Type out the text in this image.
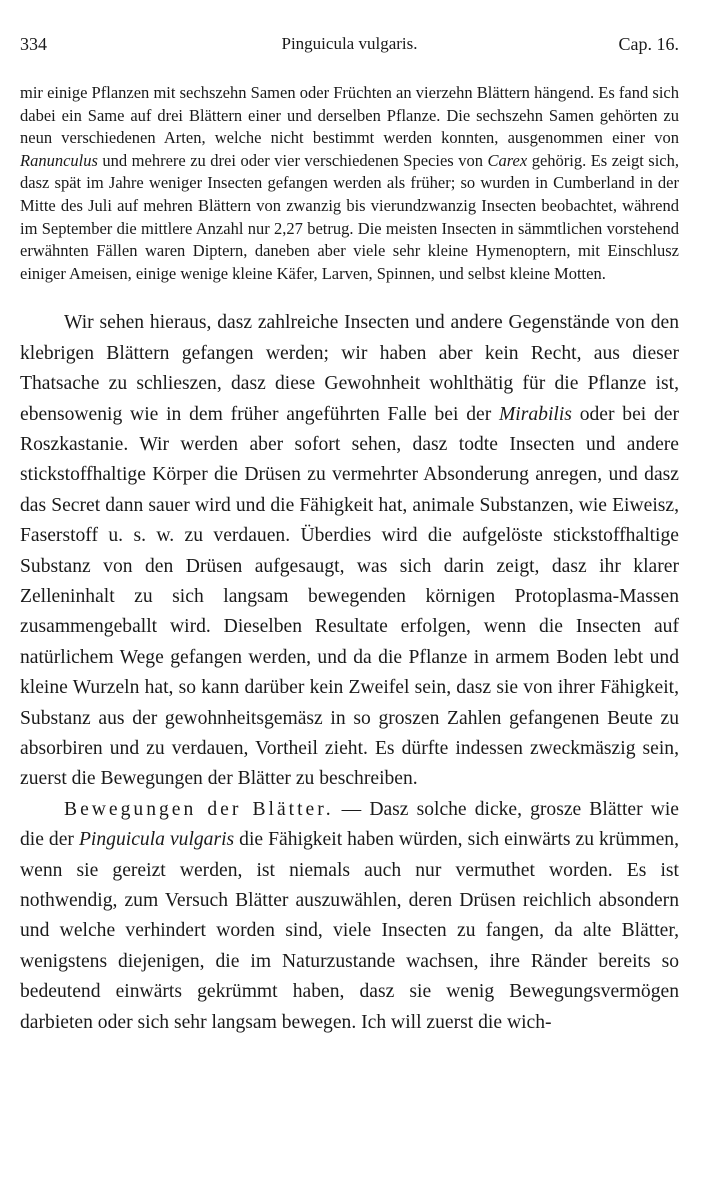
334	Pinguicula vulgaris.	Cap. 16.

mir einige Pflanzen mit sechszehn Samen oder Früchten an vierzehn Blättern hängend. Es fand sich dabei ein Same auf drei Blättern einer und derselben Pflanze. Die sechszehn Samen gehörten zu neun verschiedenen Arten, welche nicht bestimmt werden konnten, ausgenommen einer von Ranunculus und mehrere zu drei oder vier verschiedenen Species von Carex gehörig. Es zeigt sich, dasz spät im Jahre weniger Insecten gefangen werden als früher; so wurden in Cumberland in der Mitte des Juli auf mehren Blättern von zwanzig bis vierundzwanzig Insecten beobachtet, während im September die mittlere Anzahl nur 2,27 betrug. Die meisten Insecten in sämmtlichen vorstehend erwähnten Fällen waren Diptern, daneben aber viele sehr kleine Hymenoptern, mit Einschlusz einiger Ameisen, einige wenige kleine Käfer, Larven, Spinnen, und selbst kleine Motten.

Wir sehen hieraus, dasz zahlreiche Insecten und andere Gegenstände von den klebrigen Blättern gefangen werden; wir haben aber kein Recht, aus dieser Thatsache zu schlieszen, dasz diese Gewohnheit wohlthätig für die Pflanze ist, ebensowenig wie in dem früher angeführten Falle bei der Mirabilis oder bei der Roszkastanie. Wir werden aber sofort sehen, dasz todte Insecten und andere stickstoffhaltige Körper die Drüsen zu vermehrter Absonderung anregen, und dasz das Secret dann sauer wird und die Fähigkeit hat, animale Substanzen, wie Eiweisz, Faserstoff u. s. w. zu verdauen. Überdies wird die aufgelöste stickstoffhaltige Substanz von den Drüsen aufgesaugt, was sich darin zeigt, dasz ihr klarer Zelleninhalt zu sich langsam bewegenden körnigen Protoplasma-Massen zusammengeballt wird. Dieselben Resultate erfolgen, wenn die Insecten auf natürlichem Wege gefangen werden, und da die Pflanze in armem Boden lebt und kleine Wurzeln hat, so kann darüber kein Zweifel sein, dasz sie von ihrer Fähigkeit, Substanz aus der gewohnheitsgemäsz in so groszen Zahlen gefangenen Beute zu absorbiren und zu verdauen, Vortheil zieht. Es dürfte indessen zweckmäszig sein, zuerst die Bewegungen der Blätter zu beschreiben.

Bewegungen der Blätter. — Dasz solche dicke, grosze Blätter wie die der Pinguicula vulgaris die Fähigkeit haben würden, sich einwärts zu krümmen, wenn sie gereizt werden, ist niemals auch nur vermuthet worden. Es ist nothwendig, zum Versuch Blätter auszuwählen, deren Drüsen reichlich absondern und welche verhindert worden sind, viele Insecten zu fangen, da alte Blätter, wenigstens diejenigen, die im Naturzustande wachsen, ihre Ränder bereits so bedeutend einwärts gekrümmt haben, dasz sie wenig Bewegungsvermögen darbieten oder sich sehr langsam bewegen. Ich will zuerst die wich-
